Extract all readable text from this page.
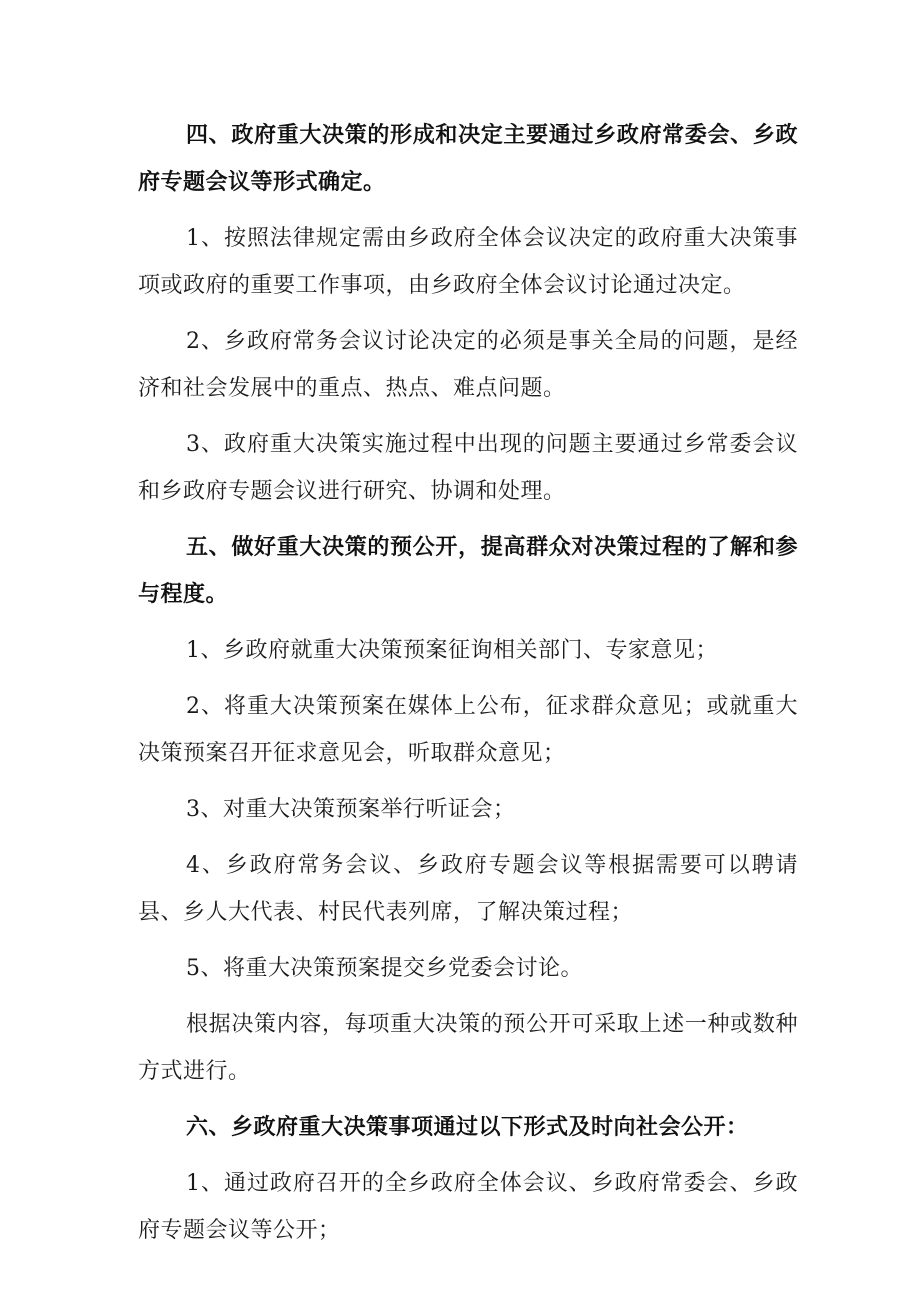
四、政府重大决策的形成和决定主要通过乡政府常委会、乡政府专题会议等形式确定。

1、按照法律规定需由乡政府全体会议决定的政府重大决策事项或政府的重要工作事项，由乡政府全体会议讨论通过决定。

2、乡政府常务会议讨论决定的必须是事关全局的问题，是经济和社会发展中的重点、热点、难点问题。

3、政府重大决策实施过程中出现的问题主要通过乡常委会议和乡政府专题会议进行研究、协调和处理。

五、做好重大决策的预公开，提高群众对决策过程的了解和参与程度。

1、乡政府就重大决策预案征询相关部门、专家意见；

2、将重大决策预案在媒体上公布，征求群众意见；或就重大决策预案召开征求意见会，听取群众意见；

3、对重大决策预案举行听证会；

4、乡政府常务会议、乡政府专题会议等根据需要可以聘请县、乡人大代表、村民代表列席，了解决策过程；

5、将重大决策预案提交乡党委会讨论。

根据决策内容，每项重大决策的预公开可采取上述一种或数种方式进行。

六、乡政府重大决策事项通过以下形式及时向社会公开：

1、通过政府召开的全乡政府全体会议、乡政府常委会、乡政府专题会议等公开；
